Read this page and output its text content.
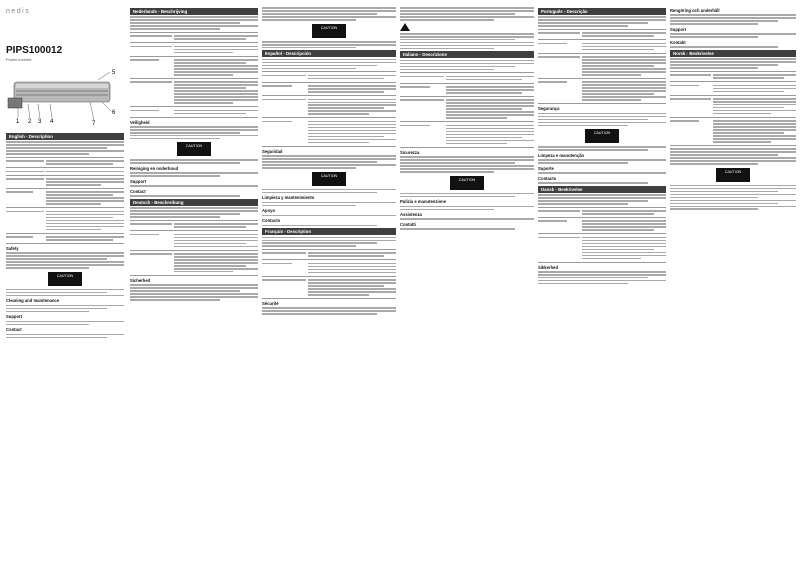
nedis
PIPS100012
Power inverter
1 2 3 4
5
6
7
English - Description
Safety
CAUTION
Cleaning and maintenance
Support
Contact
Nederlands - Beschrijving
Veiligheid
CAUTION
Reiniging en onderhoud
Support
Contact
Deutsch - Beschreibung
Sicherheit
CAUTION
Español - Descripción
Seguridad
CAUTION
Limpieza y mantenimiento
Apoyo
Contacto
Français - Description
Sécurité
Italiano - Descrizione
Sicurezza
CAUTION
Pulizia e manutenzione
Assistenza
Contatti
Português - Descrição
Segurança
CAUTION
Limpeza e manutenção
Suporte
Contacto
Dansk - Beskrivelse
Sikkerhed
Rengöring och underhåll
Support
Kontakt
Norsk - Beskrivelse
CAUTION
